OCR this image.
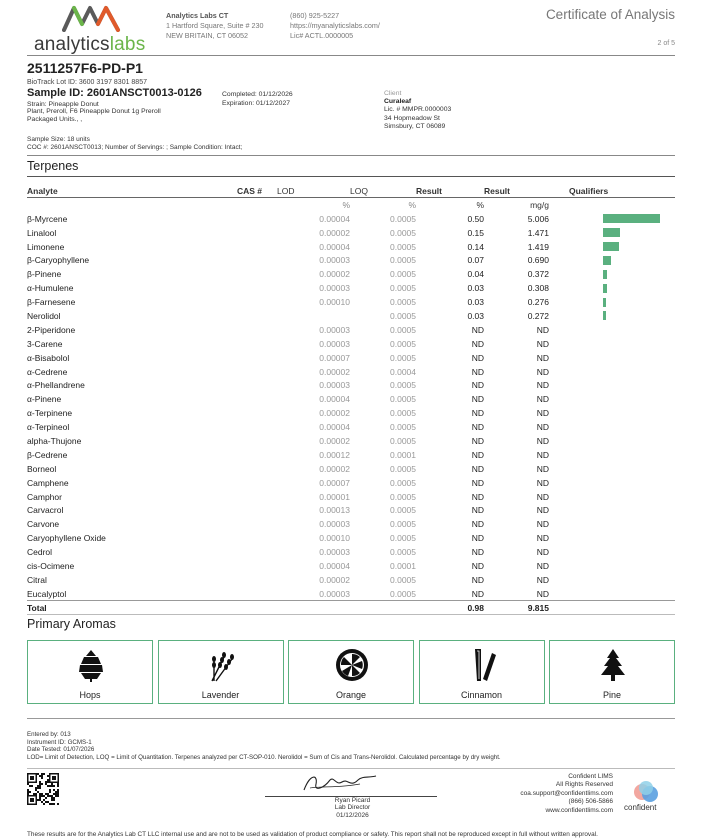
analyticslabs
Analytics Labs CT
1 Hartford Square, Suite # 230
NEW BRITAIN, CT 06052
(860) 925-5227
https://myanalyticslabs.com/
Lic# ACTL.0000005
Certificate of Analysis
2 of 5
2511257F6-PD-P1
BioTrack Lot ID: 3600 3197 8301 8857
Sample ID: 2601ANSCT0013-0126
Strain: Pineapple Donut
Plant, Preroll, F6 Pineapple Donut 1g Preroll
Packaged Units., ,
Completed: 01/12/2026
Expiration: 01/12/2027
Client
Curaleaf
Lic. # MMPR.0000003
34 Hopmeadow St
Simsbury, CT 06089
Sample Size: 18 units
COC #: 2601ANSCT0013; Number of Servings: ; Sample Condition: Intact;
Terpenes
Analyte	CAS #	LOD	LOQ	Result	Result	Qualifiers
		%	%	%	mg/g	
β-Myrcene		0.00004	0.0005	0.50	5.006	

Linalool		0.00002	0.0005	0.15	1.471	

Limonene		0.00004	0.0005	0.14	1.419	

β-Caryophyllene		0.00003	0.0005	0.07	0.690	

β-Pinene		0.00002	0.0005	0.04	0.372	

α-Humulene		0.00003	0.0005	0.03	0.308	

β-Farnesene		0.00010	0.0005	0.03	0.276	

Nerolidol			0.0005	0.03	0.272	

2-Piperidone		0.00003	0.0005	ND	ND	
3-Carene		0.00003	0.0005	ND	ND	
α-Bisabolol		0.00007	0.0005	ND	ND	
α-Cedrene		0.00002	0.0004	ND	ND	
α-Phellandrene		0.00003	0.0005	ND	ND	
α-Pinene		0.00004	0.0005	ND	ND	
α-Terpinene		0.00002	0.0005	ND	ND	
α-Terpineol		0.00004	0.0005	ND	ND	
alpha-Thujone		0.00002	0.0005	ND	ND	
β-Cedrene		0.00012	0.0001	ND	ND	
Borneol		0.00002	0.0005	ND	ND	
Camphene		0.00007	0.0005	ND	ND	
Camphor		0.00001	0.0005	ND	ND	
Carvacrol		0.00013	0.0005	ND	ND	
Carvone		0.00003	0.0005	ND	ND	
Caryophyllene Oxide		0.00010	0.0005	ND	ND	
Cedrol		0.00003	0.0005	ND	ND	
cis-Ocimene		0.00004	0.0001	ND	ND	
Citral		0.00002	0.0005	ND	ND	
Eucalyptol		0.00003	0.0005	ND	ND	
Total				0.98	9.815	
Primary Aromas
Hops	Lavender	Orange	Cinnamon	Pine
Entered by: 013
Instrument ID: GCMS-1
Date Tested: 01/07/2026
LOD= Limit of Detection, LOQ = Limit of Quantitation. Terpenes analyzed per CT-SOP-010. Nerolidol = Sum of Cis and Trans-Nerolidol. Calculated percentage by dry weight.
Ryan Picard
Lab Director
01/12/2026
Confident LIMS
All Rights Reserved
coa.support@confidentlims.com
(866) 506-5866
www.confidentlims.com confident
These results are for the Analytics Lab CT LLC internal use and are not to be used as validation of product compliance or safety. This report shall not be reproduced except in full without written approval.
